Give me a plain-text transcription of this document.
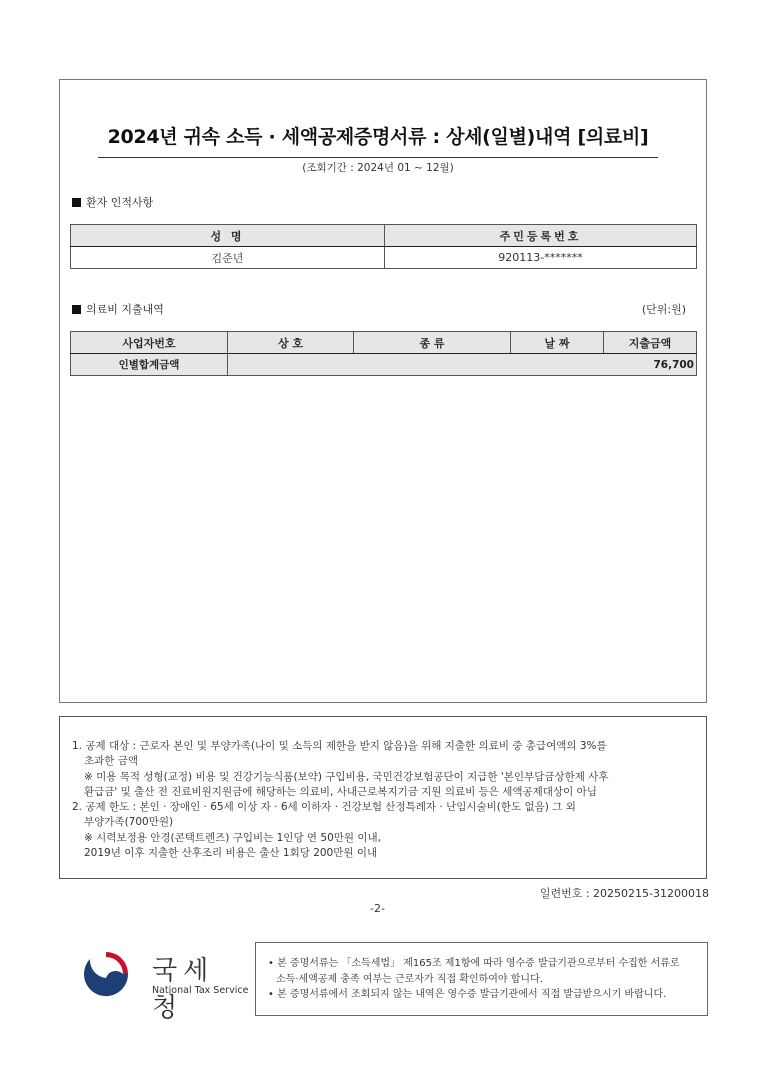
2024년 귀속 소득 · 세액공제증명서류 : 상세(일별)내역 [의료비]
(조회기간 : 2024년 01 ~ 12월)
환자 인적사항
성 명	주민등록번호
김준년	920113-*******
의료비 지출내역	(단위:원)
사업자번호	상 호	종 류	날 짜	지출금액
인별합계금액	76,700			

1. 공제 대상 : 근로자 본인 및 부양가족(나이 및 소득의 제한을 받지 않음)을 위해 지출한 의료비 중 총급여액의 3%를

초과한 금액

※ 미용 목적 성형(교정) 비용 및 건강기능식품(보약) 구입비용, 국민건강보험공단이 지급한 '본인부담금상한제 사후

환급금' 및 출산 전 진료비원지원금에 해당하는 의료비, 사내근로복지기금 지원 의료비 등은 세액공제대상이 아님

2. 공제 한도 : 본인 · 장애인 · 65세 이상 자 · 6세 이하자 · 건강보험 산정특례자 · 난임시술비(한도 없음) 그 외

부양가족(700만원)

※ 시력보정용 안경(콘택트렌즈) 구입비는 1인당 연 50만원 이내,

2019년 이후 지출한 산후조리 비용은 출산 1회당 200만원 이내

일련번호 : 20250215-31200018
-2-
국세청
National Tax Service

• 본 증명서류는 「소득세법」 제165조 제1항에 따라 영수증 발급기관으로부터 수집한 서류로

소득·세액공제 충족 여부는 근로자가 직접 확인하여야 합니다.

• 본 증명서류에서 조회되지 않는 내역은 영수증 발급기관에서 직접 발급받으시기 바랍니다.
